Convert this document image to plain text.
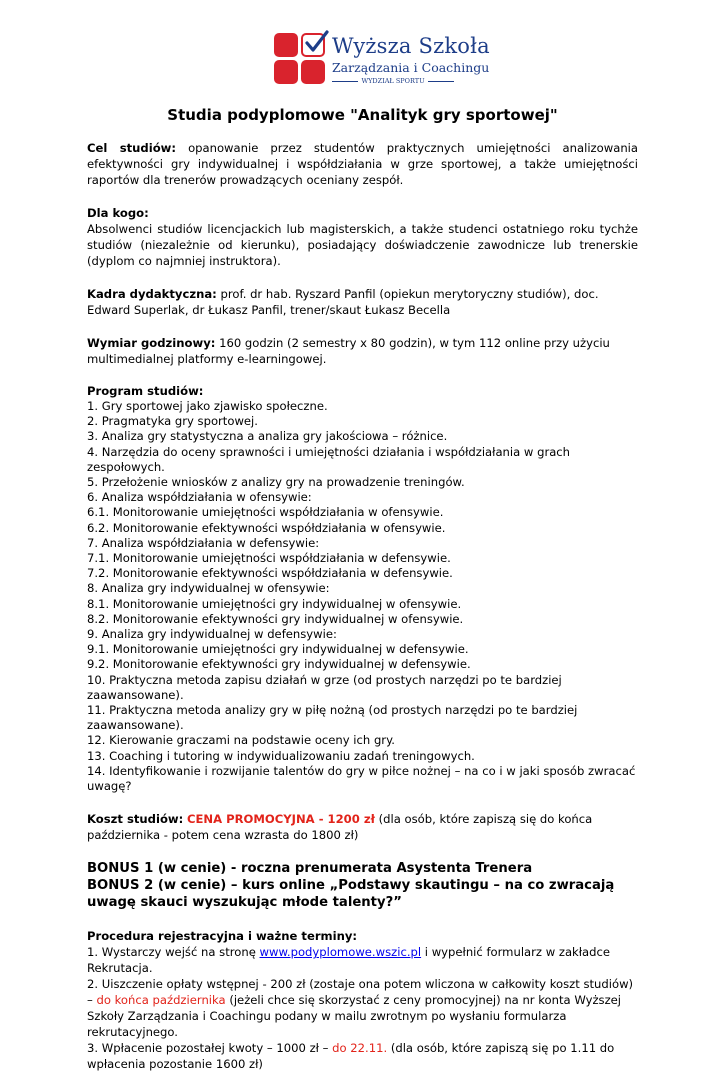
Wyższa Szkoła
Zarządzania i Coachingu
WYDZIAŁ SPORTU
Studia podyplomowe "Analityk gry sportowej"

Cel studiów: opanowanie przez studentów praktycznych umiejętności analizowania efektywności gry indywidualnej i współdziałania w grze sportowej, a także umiejętności raportów dla trenerów prowadzących oceniany zespół.

Dla kogo:

Absolwenci studiów licencjackich lub magisterskich, a także studenci ostatniego roku tychże studiów (niezależnie od kierunku), posiadający doświadczenie zawodnicze lub trenerskie (dyplom co najmniej instruktora).

Kadra dydaktyczna: prof. dr hab. Ryszard Panfil (opiekun merytoryczny studiów), doc. Edward Superlak, dr Łukasz Panfil, trener/skaut Łukasz Becella

Wymiar godzinowy: 160 godzin (2 semestry x 80 godzin), w tym 112 online przy użyciu multimedialnej platformy e-learningowej.

Program studiów:

1. Gry sportowej jako zjawisko społeczne.
2. Pragmatyka gry sportowej.
3. Analiza gry statystyczna a analiza gry jakościowa – różnice.
4. Narzędzia do oceny sprawności i umiejętności działania i współdziałania w grach zespołowych.
5. Przełożenie wniosków z analizy gry na prowadzenie treningów.
6. Analiza współdziałania w ofensywie:
6.1. Monitorowanie umiejętności współdziałania w ofensywie.
6.2. Monitorowanie efektywności współdziałania w ofensywie.
7. Analiza współdziałania w defensywie:
7.1. Monitorowanie umiejętności współdziałania w defensywie.
7.2. Monitorowanie efektywności współdziałania w defensywie.
8. Analiza gry indywidualnej w ofensywie:
8.1. Monitorowanie umiejętności gry indywidualnej w ofensywie.
8.2. Monitorowanie efektywności gry indywidualnej w ofensywie.
9. Analiza gry indywidualnej w defensywie:
9.1. Monitorowanie umiejętności gry indywidualnej w defensywie.
9.2. Monitorowanie efektywności gry indywidualnej w defensywie.
10. Praktyczna metoda zapisu działań w grze (od prostych narzędzi po te bardziej zaawansowane).
11. Praktyczna metoda analizy gry w piłę nożną (od prostych narzędzi po te bardziej zaawansowane).
12. Kierowanie graczami na podstawie oceny ich gry.
13. Coaching i tutoring w indywidualizowaniu zadań treningowych.
14. Identyfikowanie i rozwijanie talentów do gry w piłce nożnej – na co i w jaki sposób zwracać uwagę?

Koszt studiów: CENA PROMOCYJNA - 1200 zł (dla osób, które zapiszą się do końca października - potem cena wzrasta do 1800 zł)

BONUS 1 (w cenie) - roczna prenumerata Asystenta Trenera

BONUS 2 (w cenie) – kurs online „Podstawy skautingu – na co zwracają uwagę skauci wyszukując młode talenty?”

Procedura rejestracyjna i ważne terminy:

1. Wystarczy wejść na stronę www.podyplomowe.wszic.pl i wypełnić formularz w zakładce Rekrutacja.

2. Uiszczenie opłaty wstępnej - 200 zł (zostaje ona potem wliczona w całkowity koszt studiów) – do końca października (jeżeli chce się skorzystać z ceny promocyjnej) na nr konta Wyższej Szkoły Zarządzania i Coachingu podany w mailu zwrotnym po wysłaniu formularza rekrutacyjnego.

3. Wpłacenie pozostałej kwoty – 1000 zł – do 22.11. (dla osób, które zapiszą się po 1.11 do wpłacenia pozostanie 1600 zł)
